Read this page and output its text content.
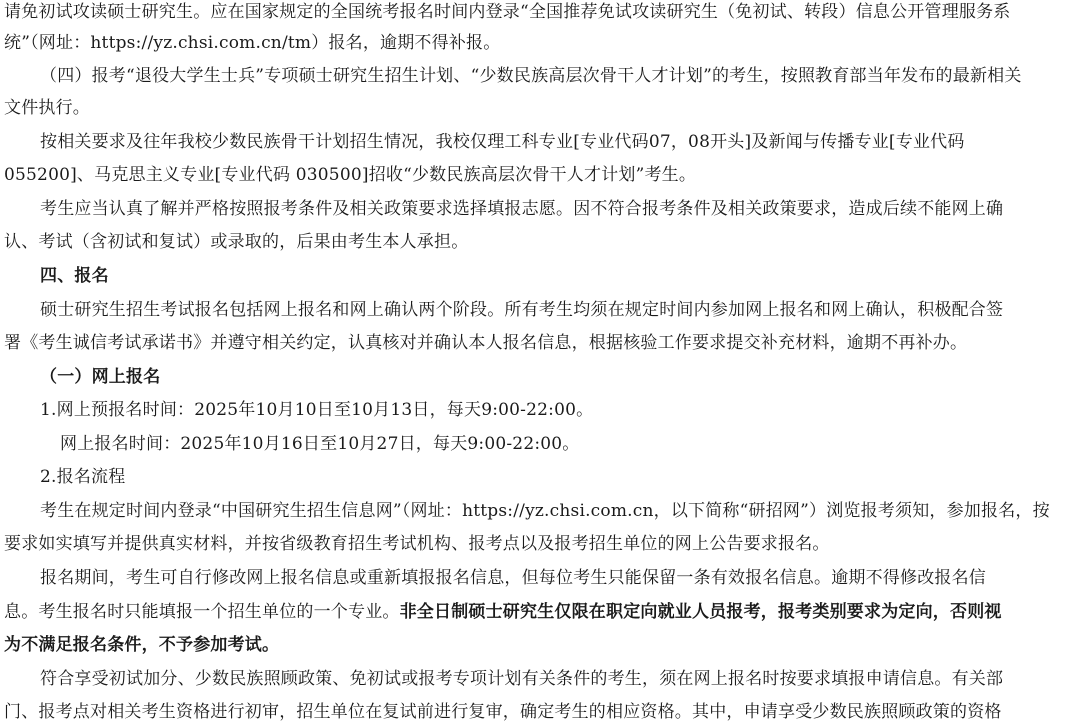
请免初试攻读硕士研究生。应在国家规定的全国统考报名时间内登录“全国推荐免试攻读研究生（免初试、转段）信息公开管理服务系
统”（网址：https://yz.chsi.com.cn/tm）报名，逾期不得补报。
（四）报考“退役大学生士兵”专项硕士研究生招生计划、“少数民族高层次骨干人才计划”的考生，按照教育部当年发布的最新相关
文件执行。
按相关要求及往年我校少数民族骨干计划招生情况，我校仅理工科专业[专业代码07，08开头]及新闻与传播专业[专业代码
055200]、马克思主义专业[专业代码 030500]招收“少数民族高层次骨干人才计划”考生。
考生应当认真了解并严格按照报考条件及相关政策要求选择填报志愿。因不符合报考条件及相关政策要求，造成后续不能网上确
认、考试（含初试和复试）或录取的，后果由考生本人承担。
四、报名
硕士研究生招生考试报名包括网上报名和网上确认两个阶段。所有考生均须在规定时间内参加网上报名和网上确认，积极配合签
署《考生诚信考试承诺书》并遵守相关约定，认真核对并确认本人报名信息，根据核验工作要求提交补充材料，逾期不再补办。
（一）网上报名
1.网上预报名时间：2025年10月10日至10月13日，每天9:00-22:00。
网上报名时间：2025年10月16日至10月27日，每天9:00-22:00。
2.报名流程
考生在规定时间内登录“中国研究生招生信息网”（网址：https://yz.chsi.com.cn，以下简称“研招网”）浏览报考须知，参加报名，按
要求如实填写并提供真实材料，并按省级教育招生考试机构、报考点以及报考招生单位的网上公告要求报名。
报名期间，考生可自行修改网上报名信息或重新填报报名信息，但每位考生只能保留一条有效报名信息。逾期不得修改报名信
息。考生报名时只能填报一个招生单位的一个专业。非全日制硕士研究生仅限在职定向就业人员报考，报考类别要求为定向，否则视
为不满足报名条件，不予参加考试。
符合享受初试加分、少数民族照顾政策、免初试或报考专项计划有关条件的考生，须在网上报名时按要求填报申请信息。有关部
门、报考点对相关考生资格进行初审，招生单位在复试前进行复审，确定考生的相应资格。其中，申请享受少数民族照顾政策的资格
